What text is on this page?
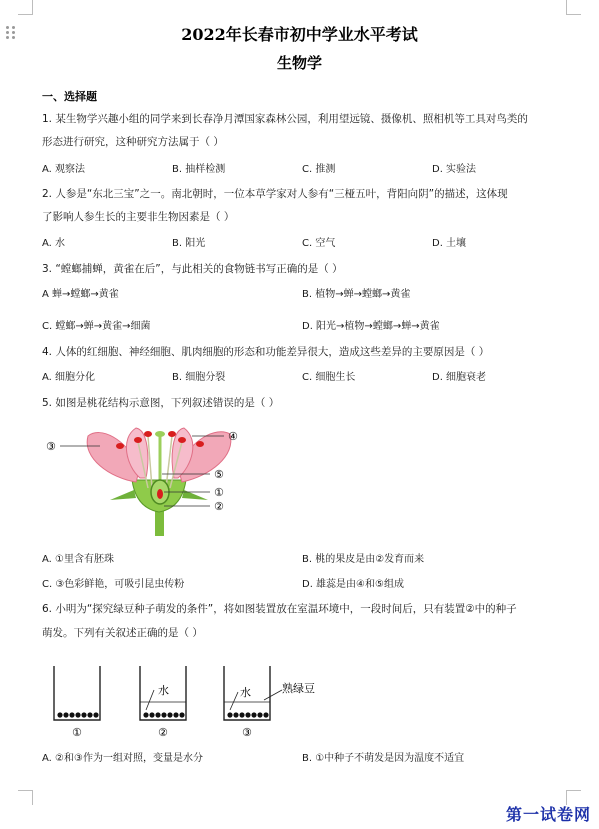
2022年长春市初中学业水平考试
生物学
一、选择题
1. 某生物学兴趣小组的同学来到长春净月潭国家森林公园，利用望远镜、摄像机、照相机等工具对鸟类的
形态进行研究，这种研究方法属于（ ）
A. 观察法	B. 抽样检测	C. 推测	D. 实验法
2. 人参是“东北三宝”之一。南北朝时，一位本草学家对人参有“三桠五叶，背阳向阴”的描述，这体现
了影响人参生长的主要非生物因素是（ ）
A. 水	B. 阳光	C. 空气	D. 土壤
3. “螳螂捕蝉，黄雀在后”，与此相关的食物链书写正确的是（ ）
A 蝉→螳螂→黄雀	B. 植物→蝉→螳螂→黄雀
C. 螳螂→蝉→黄雀→细菌	D. 阳光→植物→螳螂→蝉→黄雀
4. 人体的红细胞、神经细胞、肌肉细胞的形态和功能差异很大，造成这些差异的主要原因是（ ）
A. 细胞分化	B. 细胞分裂	C. 细胞生长	D. 细胞衰老
5. 如图是桃花结构示意图，下列叙述错误的是（ ）
③
④
⑤
①
②
A. ①里含有胚珠	B. 桃的果皮是由②发育而来
C. ③色彩鲜艳，可吸引昆虫传粉	D. 雄蕊是由④和⑤组成
6. 小明为“探究绿豆种子萌发的条件”，将如图装置放在室温环境中，一段时间后，只有装置②中的种子
萌发。下列有关叙述正确的是（ ）
水	水	熟绿豆
①	②	③
A. ②和③作为一组对照，变量是水分	B. ①中种子不萌发是因为温度不适宜
第一试卷网
